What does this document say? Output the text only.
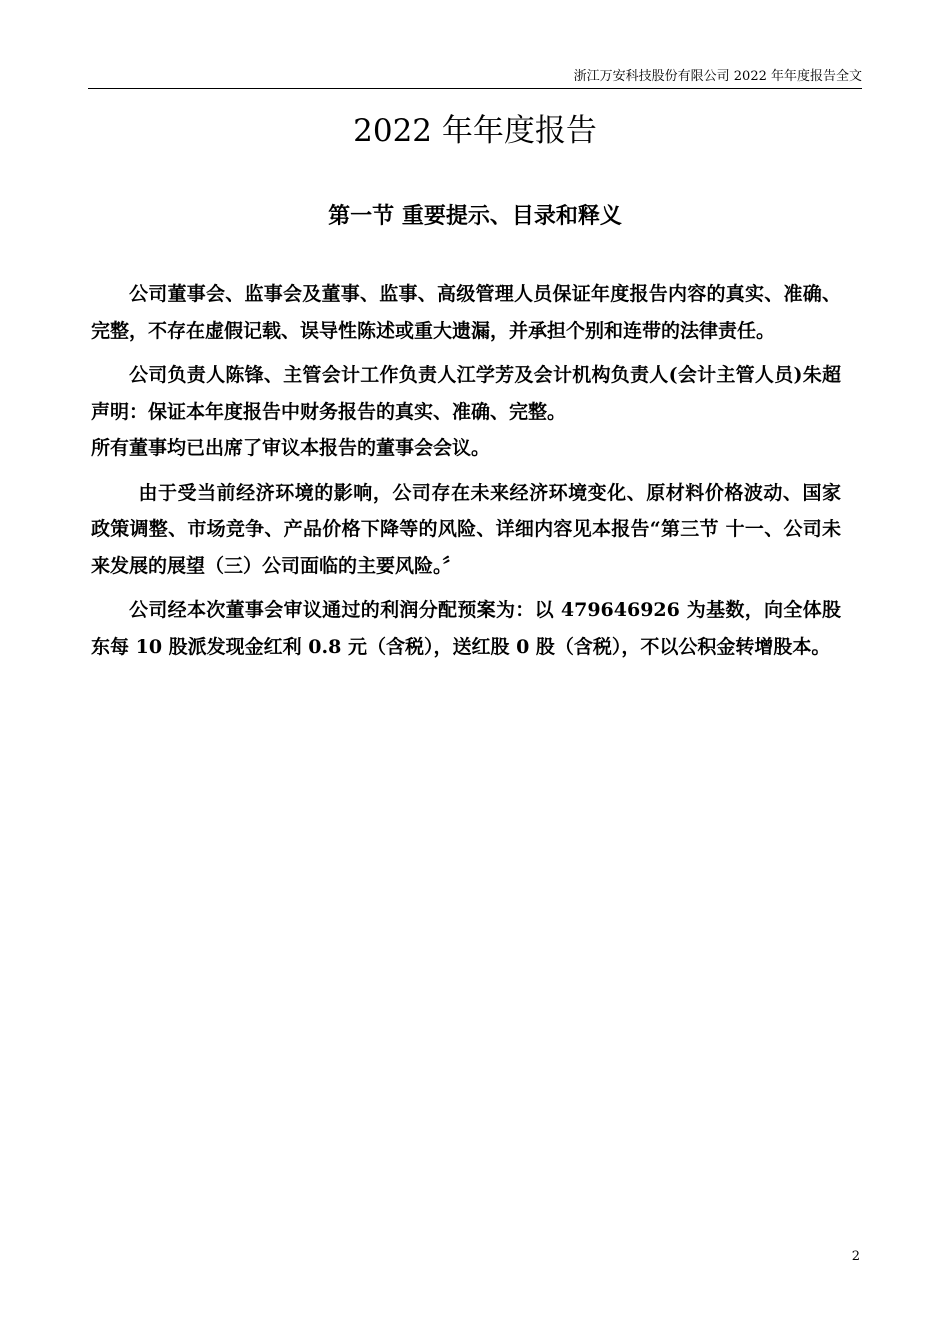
浙江万安科技股份有限公司 2022 年年度报告全文
2022 年年度报告
第一节 重要提示、目录和释义

公司董事会、监事会及董事、监事、高级管理人员保证年度报告内容的真实、准确、完整，不存在虚假记载、误导性陈述或重大遗漏，并承担个别和连带的法律责任。

公司负责人陈锋、主管会计工作负责人江学芳及会计机构负责人(会计主管人员)朱超声明：保证本年度报告中财务报告的真实、准确、完整。

所有董事均已出席了审议本报告的董事会会议。

由于受当前经济环境的影响，公司存在未来经济环境变化、原材料价格波动、国家政策调整、市场竞争、产品价格下降等的风险、详细内容见本报告“第三节 十一、公司未来发展的展望（三）公司面临的主要风险。〞

公司经本次董事会审议通过的利润分配预案为：以 479646926 为基数，向全体股东每 10 股派发现金红利 0.8 元（含税），送红股 0 股（含税），不以公积金转增股本。

2
